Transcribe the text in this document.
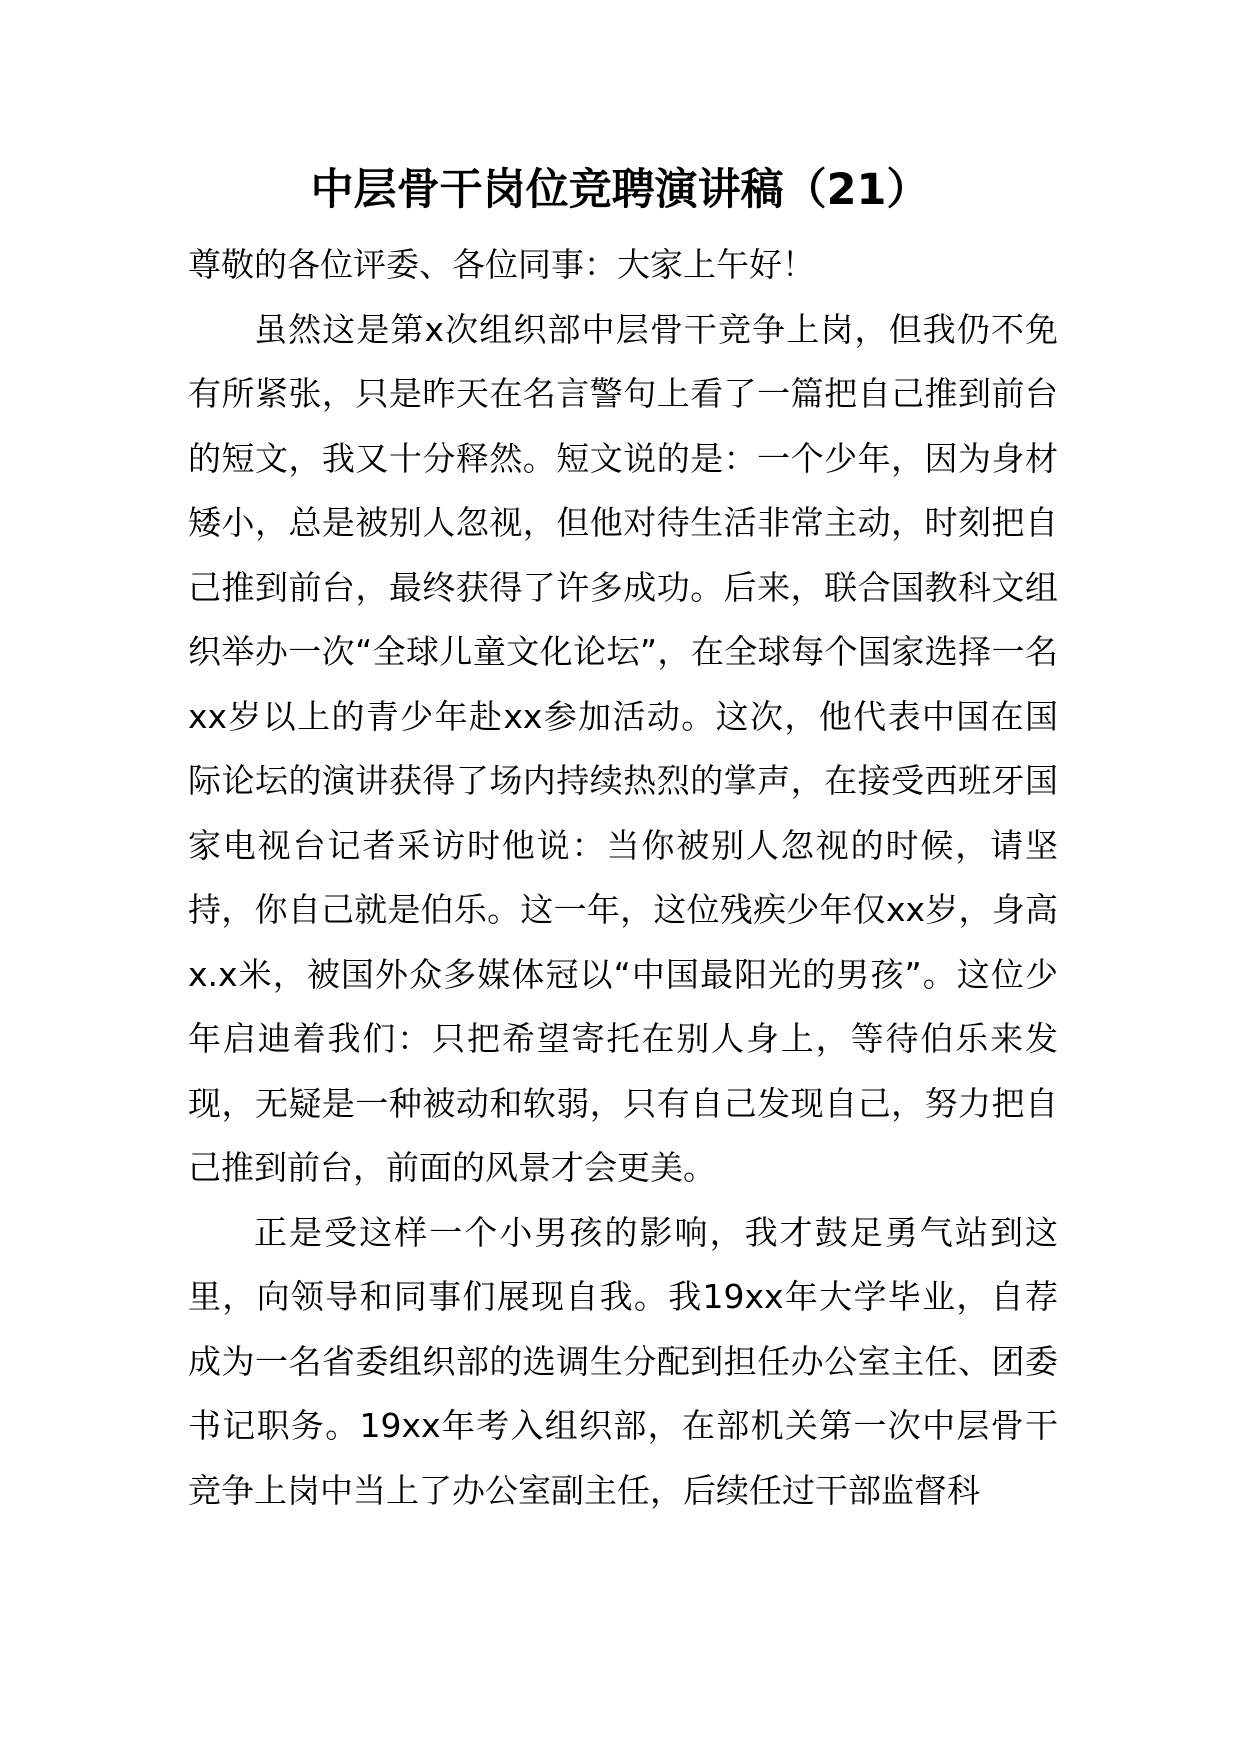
中层骨干岗位竞聘演讲稿（21）

尊敬的各位评委、各位同事：大家上午好！

虽然这是第x次组织部中层骨干竞争上岗，但我仍不免有所紧张，只是昨天在名言警句上看了一篇把自己推到前台的短文，我又十分释然。短文说的是：一个少年，因为身材矮小，总是被别人忽视，但他对待生活非常主动，时刻把自己推到前台，最终获得了许多成功。后来，联合国教科文组织举办一次“全球儿童文化论坛”，在全球每个国家选择一名xx岁以上的青少年赴xx参加活动。这次，他代表中国在国际论坛的演讲获得了场内持续热烈的掌声，在接受西班牙国家电视台记者采访时他说：当你被别人忽视的时候，请坚持，你自己就是伯乐。这一年，这位残疾少年仅xx岁，身高x.x米，被国外众多媒体冠以“中国最阳光的男孩”。这位少年启迪着我们：只把希望寄托在别人身上，等待伯乐来发现，无疑是一种被动和软弱，只有自己发现自己，努力把自己推到前台，前面的风景才会更美。

正是受这样一个小男孩的影响，我才鼓足勇气站到这里，向领导和同事们展现自我。我19xx年大学毕业，自荐成为一名省委组织部的选调生分配到担任办公室主任、团委书记职务。19xx年考入组织部，在部机关第一次中层骨干竞争上岗中当上了办公室副主任，后续任过干部监督科
